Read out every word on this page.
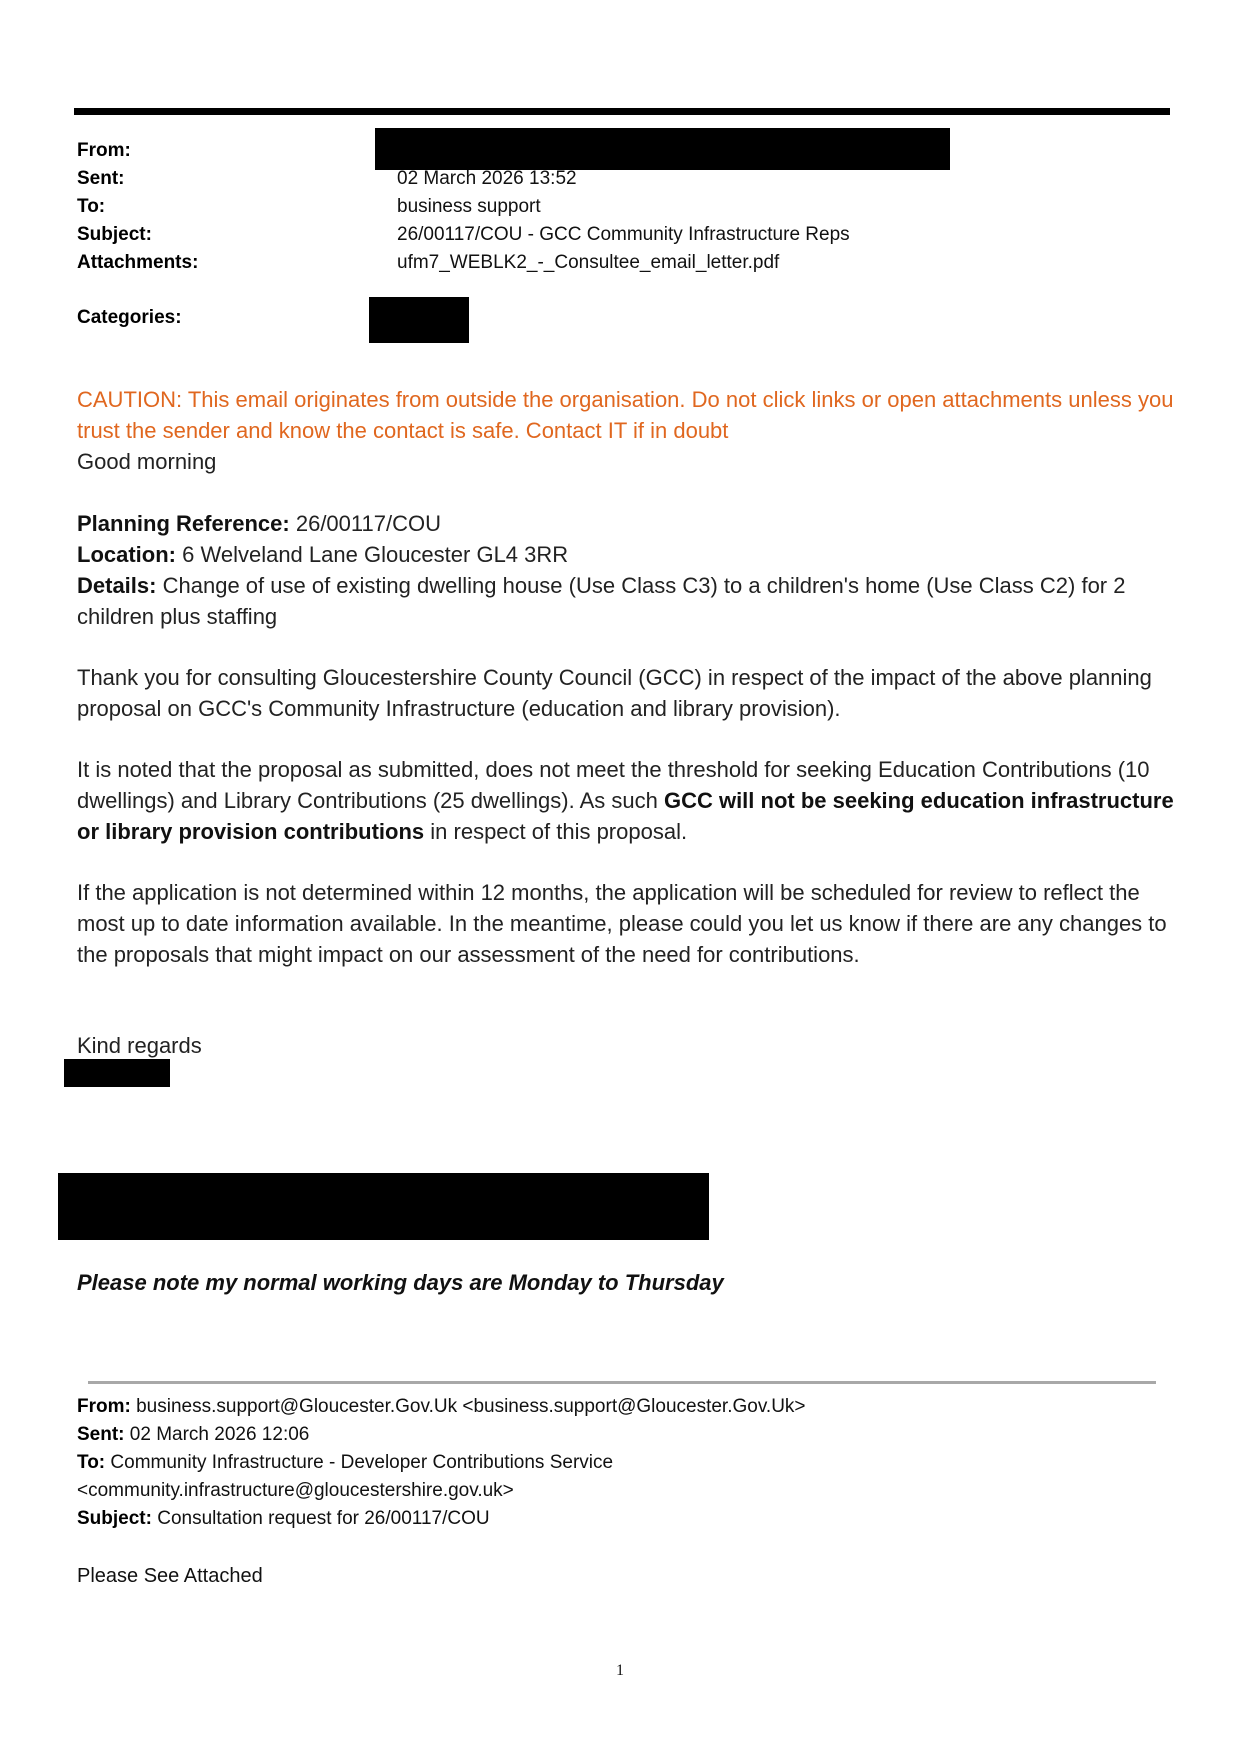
From:
Sent:	02 March 2026 13:52
To:	business support
Subject:	26/00117/COU - GCC Community Infrastructure Reps
Attachments:	ufm7_WEBLK2_-_Consultee_email_letter.pdf
Categories:
CAUTION: This email originates from outside the organisation. Do not click links or open attachments unless you trust the sender and know the contact is safe. Contact IT if in doubt
Good morning
Planning Reference: 26/00117/COU
Location: 6 Welveland Lane Gloucester GL4 3RR
Details: Change of use of existing dwelling house (Use Class C3) to a children's home (Use Class C2) for 2 children plus staffing
Thank you for consulting Gloucestershire County Council (GCC) in respect of the impact of the above planning proposal on GCC's Community Infrastructure (education and library provision).
It is noted that the proposal as submitted, does not meet the threshold for seeking Education Contributions (10 dwellings) and Library Contributions (25 dwellings). As such GCC will not be seeking education infrastructure or library provision contributions in respect of this proposal.
If the application is not determined within 12 months, the application will be scheduled for review to reflect the most up to date information available. In the meantime, please could you let us know if there are any changes to the proposals that might impact on our assessment of the need for contributions.
Kind regards
Please note my normal working days are Monday to Thursday
From: business.support@Gloucester.Gov.Uk <business.support@Gloucester.Gov.Uk>
Sent: 02 March 2026 12:06
To: Community Infrastructure - Developer Contributions Service
<community.infrastructure@gloucestershire.gov.uk>
Subject: Consultation request for 26/00117/COU
Please See Attached
1
